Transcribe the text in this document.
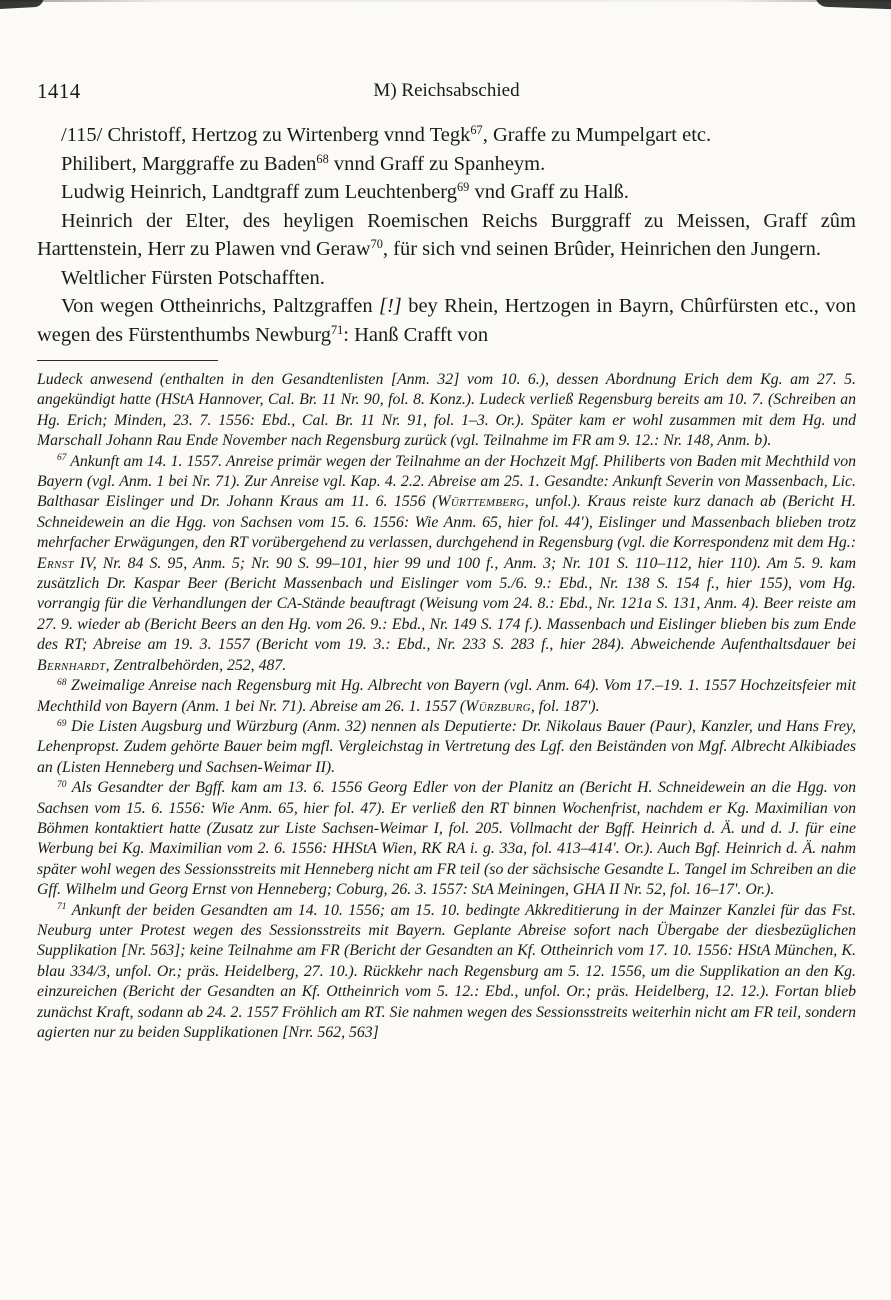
1414	M) Reichsabschied

/115/ Christoff, Hertzog zu Wirtenberg vnnd Tegk$^{67}$, Graffe zu Mumpelgart etc.

Philibert, Marggraffe zu Baden$^{68}$ vnnd Graff zu Spanheym.

Ludwig Heinrich, Landtgraff zum Leuchtenberg$^{69}$ vnd Graff zu Halß.

Heinrich der Elter, des heyligen Roemischen Reichs Burggraff zu Meissen, Graff zûm Harttenstein, Herr zu Plawen vnd Geraw$^{70}$, für sich vnd seinen Brûder, Heinrichen den Jungern.

Weltlicher Fürsten Potschafften.

Von wegen Ottheinrichs, Paltzgraffen [!] bey Rhein, Hertzogen in Bayrn, Chûrfürsten etc., von wegen des Fürstenthumbs Newburg$^{71}$: Hanß Crafft von

Ludeck anwesend (enthalten in den Gesandtenlisten [Anm. 32] vom 10. 6.), dessen Abordnung Erich dem Kg. am 27. 5. angekündigt hatte (HStA Hannover, Cal. Br. 11 Nr. 90, fol. 8. Konz.). Ludeck verließ Regensburg bereits am 10. 7. (Schreiben an Hg. Erich; Minden, 23. 7. 1556: Ebd., Cal. Br. 11 Nr. 91, fol. 1–3. Or.). Später kam er wohl zusammen mit dem Hg. und Marschall Johann Rau Ende November nach Regensburg zurück (vgl. Teilnahme im FR am 9. 12.: Nr. 148, Anm. b).

$^{67}$ Ankunft am 14. 1. 1557. Anreise primär wegen der Teilnahme an der Hochzeit Mgf. Philiberts von Baden mit Mechthild von Bayern (vgl. Anm. 1 bei Nr. 71). Zur Anreise vgl. Kap. 4. 2.2. Abreise am 25. 1. Gesandte: Ankunft Severin von Massenbach, Lic. Balthasar Eislinger und Dr. Johann Kraus am 11. 6. 1556 (Württemberg, unfol.). Kraus reiste kurz danach ab (Bericht H. Schneidewein an die Hgg. von Sachsen vom 15. 6. 1556: Wie Anm. 65, hier fol. 44'), Eislinger und Massenbach blieben trotz mehrfacher Erwägungen, den RT vorübergehend zu verlassen, durchgehend in Regensburg (vgl. die Korrespondenz mit dem Hg.: Ernst IV, Nr. 84 S. 95, Anm. 5; Nr. 90 S. 99–101, hier 99 und 100 f., Anm. 3; Nr. 101 S. 110–112, hier 110). Am 5. 9. kam zusätzlich Dr. Kaspar Beer (Bericht Massenbach und Eislinger vom 5./6. 9.: Ebd., Nr. 138 S. 154 f., hier 155), vom Hg. vorrangig für die Verhandlungen der CA-Stände beauftragt (Weisung vom 24. 8.: Ebd., Nr. 121a S. 131, Anm. 4). Beer reiste am 27. 9. wieder ab (Bericht Beers an den Hg. vom 26. 9.: Ebd., Nr. 149 S. 174 f.). Massenbach und Eislinger blieben bis zum Ende des RT; Abreise am 19. 3. 1557 (Bericht vom 19. 3.: Ebd., Nr. 233 S. 283 f., hier 284). Abweichende Aufenthaltsdauer bei Bernhardt, Zentralbehörden, 252, 487.

$^{68}$ Zweimalige Anreise nach Regensburg mit Hg. Albrecht von Bayern (vgl. Anm. 64). Vom 17.–19. 1. 1557 Hochzeitsfeier mit Mechthild von Bayern (Anm. 1 bei Nr. 71). Abreise am 26. 1. 1557 (Würzburg, fol. 187').

$^{69}$ Die Listen Augsburg und Würzburg (Anm. 32) nennen als Deputierte: Dr. Nikolaus Bauer (Paur), Kanzler, und Hans Frey, Lehenpropst. Zudem gehörte Bauer beim mgfl. Vergleichstag in Vertretung des Lgf. den Beiständen von Mgf. Albrecht Alkibiades an (Listen Henneberg und Sachsen-Weimar II).

$^{70}$ Als Gesandter der Bgff. kam am 13. 6. 1556 Georg Edler von der Planitz an (Bericht H. Schneidewein an die Hgg. von Sachsen vom 15. 6. 1556: Wie Anm. 65, hier fol. 47). Er verließ den RT binnen Wochenfrist, nachdem er Kg. Maximilian von Böhmen kontaktiert hatte (Zusatz zur Liste Sachsen-Weimar I, fol. 205. Vollmacht der Bgff. Heinrich d. Ä. und d. J. für eine Werbung bei Kg. Maximilian vom 2. 6. 1556: HHStA Wien, RK RA i. g. 33a, fol. 413–414'. Or.). Auch Bgf. Heinrich d. Ä. nahm später wohl wegen des Sessionsstreits mit Henneberg nicht am FR teil (so der sächsische Gesandte L. Tangel im Schreiben an die Gff. Wilhelm und Georg Ernst von Henneberg; Coburg, 26. 3. 1557: StA Meiningen, GHA II Nr. 52, fol. 16–17'. Or.).

$^{71}$ Ankunft der beiden Gesandten am 14. 10. 1556; am 15. 10. bedingte Akkreditierung in der Mainzer Kanzlei für das Fst. Neuburg unter Protest wegen des Sessionsstreits mit Bayern. Geplante Abreise sofort nach Übergabe der diesbezüglichen Supplikation [Nr. 563]; keine Teilnahme am FR (Bericht der Gesandten an Kf. Ottheinrich vom 17. 10. 1556: HStA München, K. blau 334/3, unfol. Or.; präs. Heidelberg, 27. 10.). Rückkehr nach Regensburg am 5. 12. 1556, um die Supplikation an den Kg. einzureichen (Bericht der Gesandten an Kf. Ottheinrich vom 5. 12.: Ebd., unfol. Or.; präs. Heidelberg, 12. 12.). Fortan blieb zunächst Kraft, sodann ab 24. 2. 1557 Fröhlich am RT. Sie nahmen wegen des Sessionsstreits weiterhin nicht am FR teil, sondern agierten nur zu beiden Supplikationen [Nrr. 562, 563]
